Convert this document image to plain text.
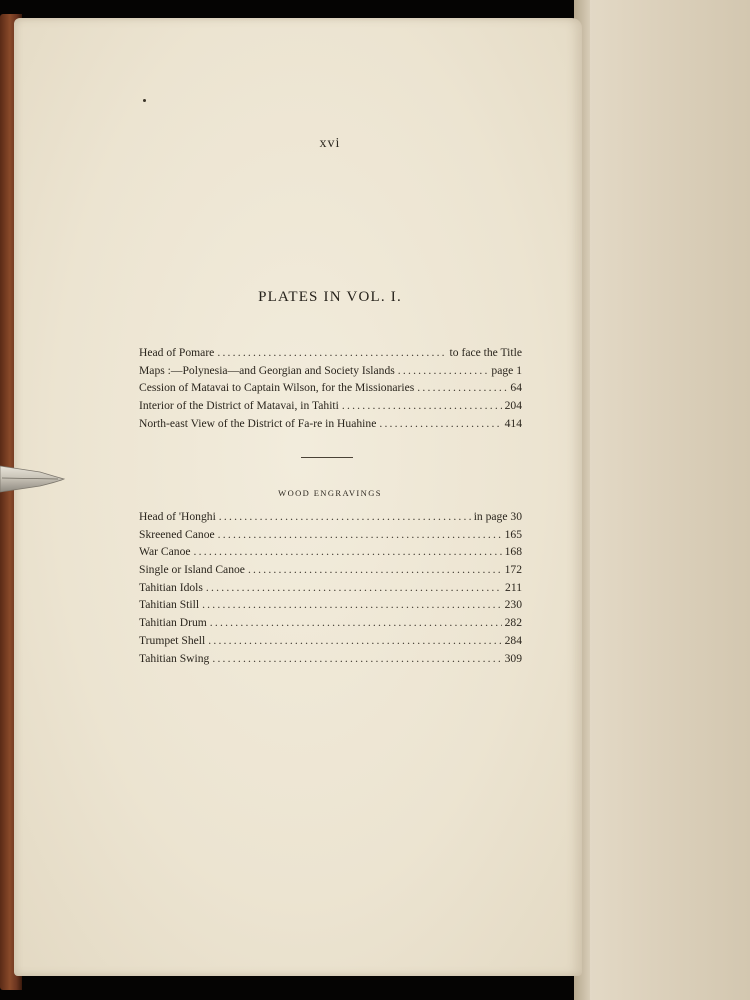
xvi
PLATES IN VOL. I.
Head of Pomare .....	to face the Title
Maps :—Polynesia—and Georgian and Society Islands .....	page 1
Cession of Matavai to Captain Wilson, for the Missionaries .....	64
Interior of the District of Matavai, in Tahiti .....	204
North-east View of the District of Fa-re in Huahine .....	414
WOOD ENGRAVINGS
Head of 'Honghi .....	in page 30
Skreened Canoe .....	165
War Canoe .....	168
Single or Island Canoe .....	172
Tahitian Idols .....	211
Tahitian Still .....	230
Tahitian Drum .....	282
Trumpet Shell .....	284
Tahitian Swing .....	309
